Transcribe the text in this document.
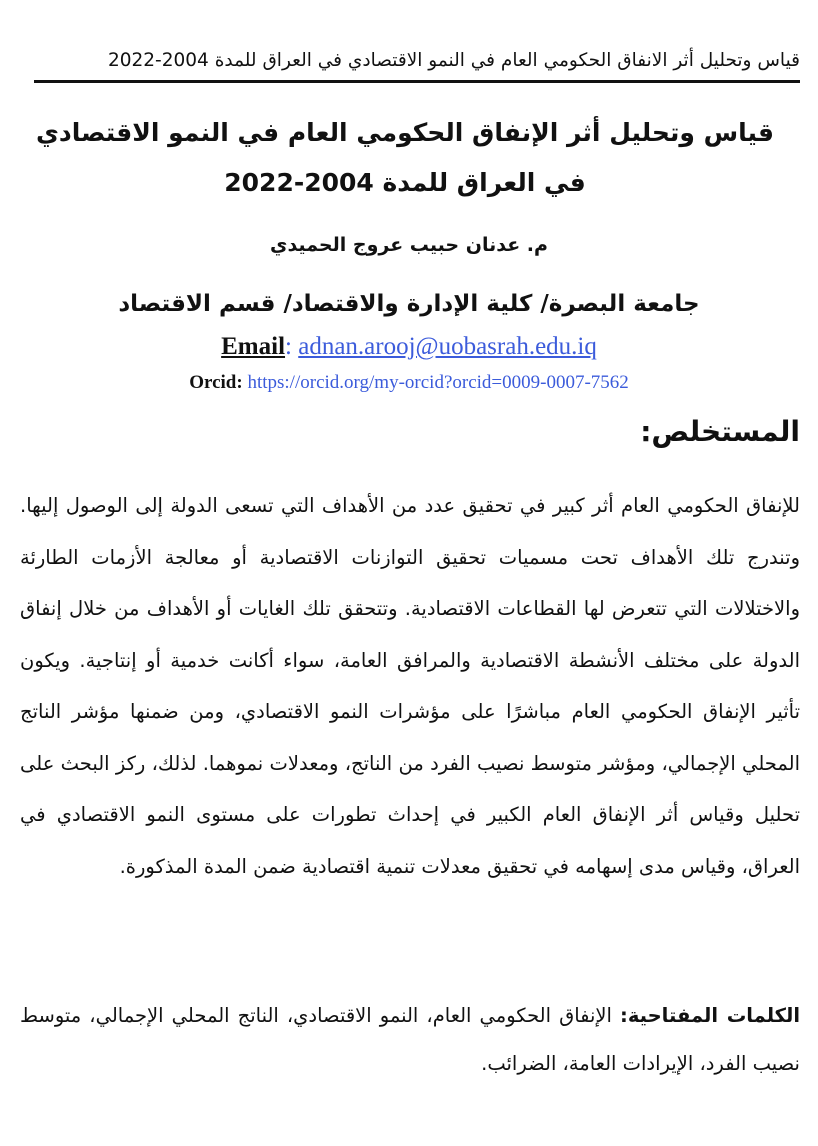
قياس وتحليل أثر الانفاق الحكومي العام في النمو الاقتصادي في العراق للمدة 2004-2022
قياس وتحليل أثر الإنفاق الحكومي العام في النمو الاقتصادي في العراق للمدة 2004-2022
م. عدنان حبيب عروج الحميدي
جامعة البصرة/ كلية الإدارة والاقتصاد/ قسم الاقتصاد
Email: adnan.arooj@uobasrah.edu.iq
Orcid: https://orcid.org/my-orcid?orcid=0009-0007-7562
المستخلص:
للإنفاق الحكومي العام أثر كبير في تحقيق عدد من الأهداف التي تسعى الدولة إلى الوصول إليها. وتندرج تلك الأهداف تحت مسميات تحقيق التوازنات الاقتصادية أو معالجة الأزمات الطارئة والاختلالات التي تتعرض لها القطاعات الاقتصادية. وتتحقق تلك الغايات أو الأهداف من خلال إنفاق الدولة على مختلف الأنشطة الاقتصادية والمرافق العامة، سواء أكانت خدمية أو إنتاجية. ويكون تأثير الإنفاق الحكومي العام مباشرًا على مؤشرات النمو الاقتصادي، ومن ضمنها مؤشر الناتج المحلي الإجمالي، ومؤشر متوسط نصيب الفرد من الناتج، ومعدلات نموهما. لذلك، ركز البحث على تحليل وقياس أثر الإنفاق العام الكبير في إحداث تطورات على مستوى النمو الاقتصادي في العراق، وقياس مدى إسهامه في تحقيق معدلات تنمية اقتصادية ضمن المدة المذكورة.
الكلمات المفتاحية: الإنفاق الحكومي العام، النمو الاقتصادي، الناتج المحلي الإجمالي، متوسط نصيب الفرد، الإيرادات العامة، الضرائب.
